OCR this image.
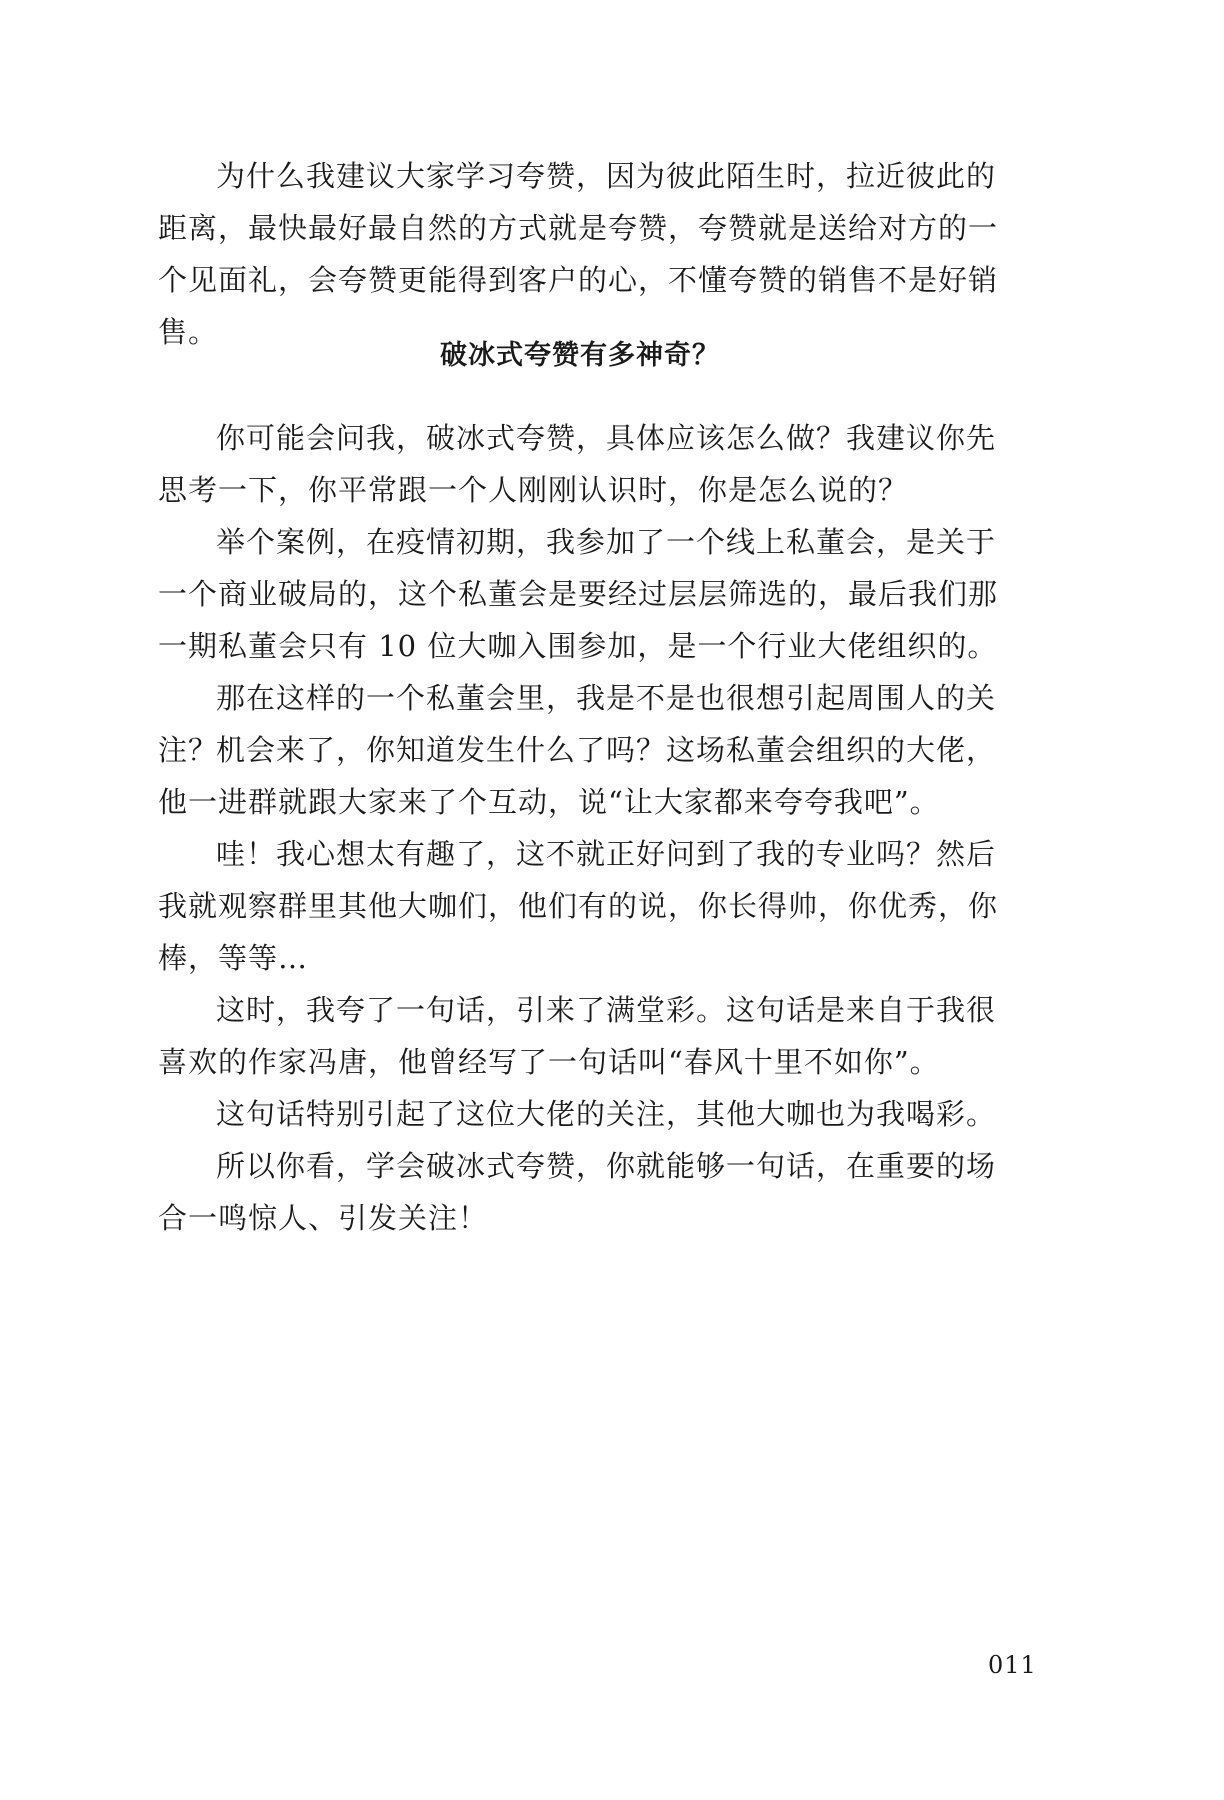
为什么我建议大家学习夸赞，因为彼此陌生时，拉近彼此的距离，最快最好最自然的方式就是夸赞，夸赞就是送给对方的一个见面礼，会夸赞更能得到客户的心，不懂夸赞的销售不是好销售。

破冰式夸赞有多神奇？

你可能会问我，破冰式夸赞，具体应该怎么做？我建议你先思考一下，你平常跟一个人刚刚认识时，你是怎么说的？

举个案例，在疫情初期，我参加了一个线上私董会，是关于一个商业破局的，这个私董会是要经过层层筛选的，最后我们那一期私董会只有 10 位大咖入围参加，是一个行业大佬组织的。

那在这样的一个私董会里，我是不是也很想引起周围人的关注？

机会来了，你知道发生什么了吗？这场私董会组织的大佬，他一进群就跟大家来了个互动，说“让大家都来夸夸我吧”。

哇！我心想太有趣了，这不就正好问到了我的专业吗？然后我就观察群里其他大咖们，他们有的说，你长得帅，你优秀，你棒，等等…

这时，我夸了一句话，引来了满堂彩。这句话是来自于我很喜欢的作家冯唐，他曾经写了一句话叫“春风十里不如你”。

这句话特别引起了这位大佬的关注，其他大咖也为我喝彩。

所以你看，学会破冰式夸赞，你就能够一句话，在重要的场合一鸣惊人、引发关注！

011
